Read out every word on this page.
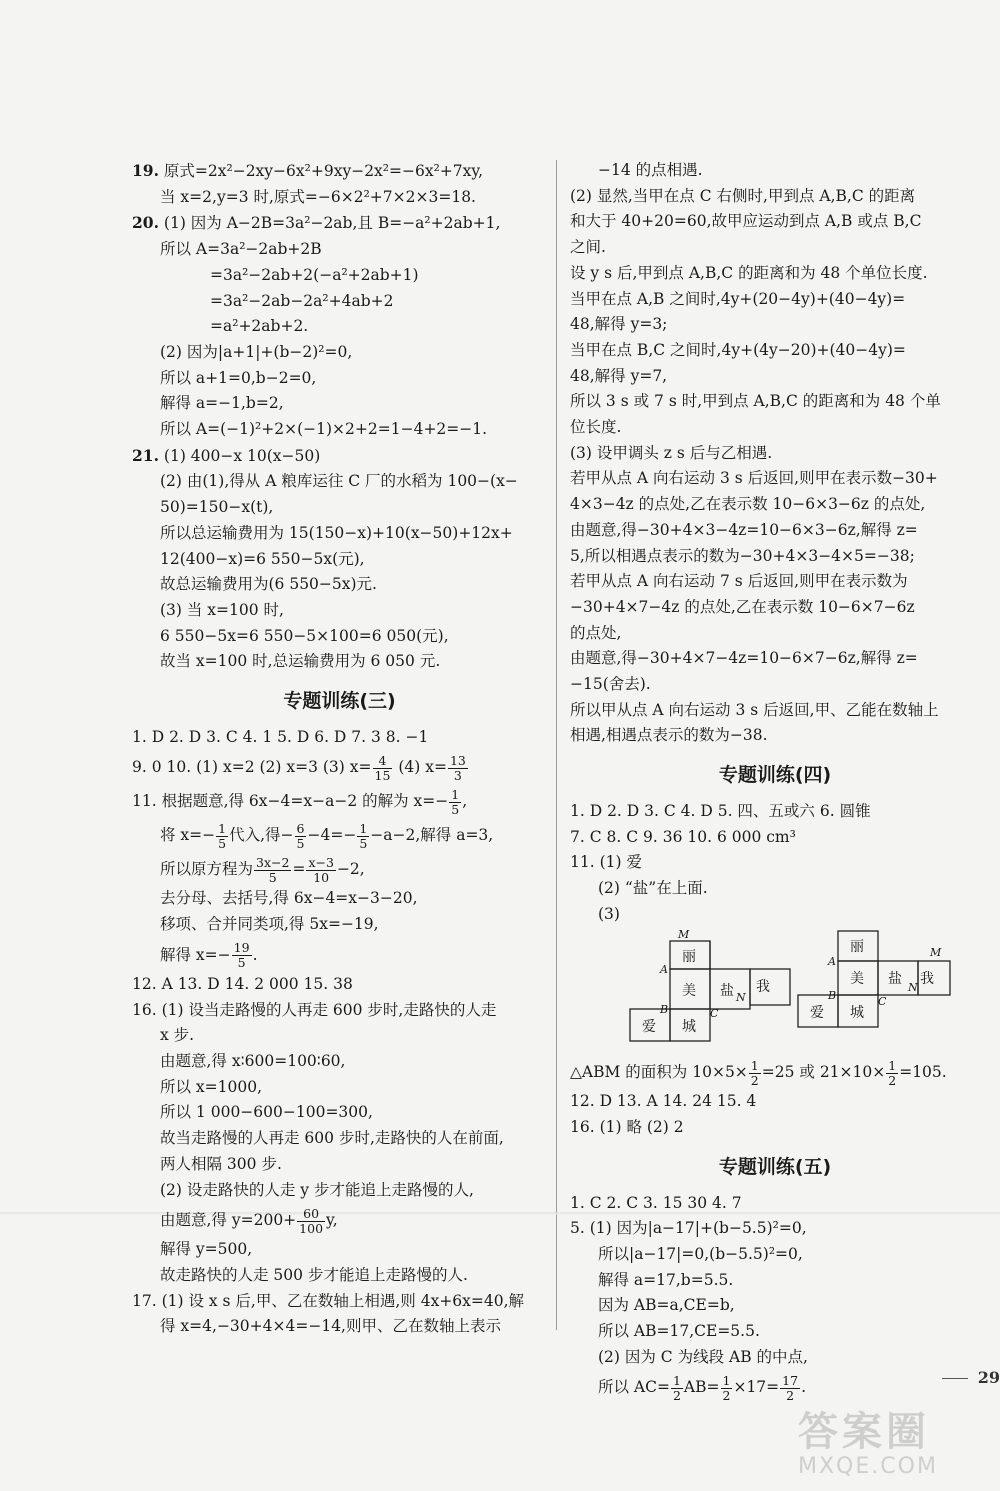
19. 原式=2x²−2xy−6x²+9xy−2x²=−6x²+7xy,
当 x=2,y=3 时,原式=−6×2²+7×2×3=18.
20. (1) 因为 A−2B=3a²−2ab,且 B=−a²+2ab+1,
所以 A=3a²−2ab+2B
=3a²−2ab+2(−a²+2ab+1)
=3a²−2ab−2a²+4ab+2
=a²+2ab+2.
(2) 因为|a+1|+(b−2)²=0,
所以 a+1=0,b−2=0,
解得 a=−1,b=2,
所以 A=(−1)²+2×(−1)×2+2=1−4+2=−1.
21. (1) 400−x 10(x−50)
(2) 由(1),得从 A 粮库运往 C 厂的水稻为 100−(x−
50)=150−x(t),
所以总运输费用为 15(150−x)+10(x−50)+12x+
12(400−x)=6 550−5x(元),
故总运输费用为(6 550−5x)元.
(3) 当 x=100 时,
6 550−5x=6 550−5×100=6 050(元),
故当 x=100 时,总运输费用为 6 050 元.
专题训练(三)
1. D 2. D 3. C 4. 1 5. D 6. D 7. 3 8. −1
9. 0 10. (1) x=2 (2) x=3 (3) $x= \frac{4}{15} (4)$ $x= \frac{13}{3}$
11. 根据题意,得 6x−4=x−a−2 的解为 $x=- \frac{1}{5}$ ,
将 $x=- \frac{1}{5}$ 代入,得− $\frac{6}{5} -4=- \frac{1}{5} -a-2$,解得 a=3,
所以原方程为 $\frac{3x-2}{5} = \frac{x-3}{10} -2$,
去分母、去括号,得 6x−4=x−3−20,
移项、合并同类项,得 5x=−19,
解得 $x=- \frac{19}{5}$ .
12. A 13. D 14. 2 000 15. 38
16. (1) 设当走路慢的人再走 600 步时,走路快的人走
x 步.
由题意,得 x∶600=100∶60,
所以 x=1000,
所以 1 000−600−100=300,
故当走路慢的人再走 600 步时,走路快的人在前面,
两人相隔 300 步.
(2) 设走路快的人走 y 步才能追上走路慢的人,
由题意,得 $y=200+ \frac{60}{100} y$,
解得 y=500,
故走路快的人走 500 步才能追上走路慢的人.
17. (1) 设 x s 后,甲、乙在数轴上相遇,则 4x+6x=40,解
得 x=4,−30+4×4=−14,则甲、乙在数轴上表示
−14 的点相遇.
(2) 显然,当甲在点 C 右侧时,甲到点 A,B,C 的距离
和大于 40+20=60,故甲应运动到点 A,B 或点 B,C
之间.
设 y s 后,甲到点 A,B,C 的距离和为 48 个单位长度.
当甲在点 A,B 之间时,4y+(20−4y)+(40−4y)=
48,解得 y=3;
当甲在点 B,C 之间时,4y+(4y−20)+(40−4y)=
48,解得 y=7,
所以 3 s 或 7 s 时,甲到点 A,B,C 的距离和为 48 个单
位长度.
(3) 设甲调头 z s 后与乙相遇.
若甲从点 A 向右运动 3 s 后返回,则甲在表示数−30+
4×3−4z 的点处,乙在表示数 10−6×3−6z 的点处,
由题意,得−30+4×3−4z=10−6×3−6z,解得 z=
5,所以相遇点表示的数为−30+4×3−4×5=−38;
若甲从点 A 向右运动 7 s 后返回,则甲在表示数为
−30+4×7−4z 的点处,乙在表示数 10−6×7−6z
的点处,
由题意,得−30+4×7−4z=10−6×7−6z,解得 z=
−15(舍去).
所以甲从点 A 向右运动 3 s 后返回,甲、乙能在数轴上
相遇,相遇点表示的数为−38.
专题训练(四)
1. D 2. D 3. C 4. D 5. 四、五或六 6. 圆锥
7. C 8. C 9. 36 10. 6 000 cm³
11. (1) 爱
(2) “盐”在上面.
(3)
丽
美 盐 我
爱 城
M
A
B	C
N
丽
美 盐 我
爱 城
M
A
B	C
N
△ABM 的面积为 $10\times 5\times \frac{1}{2} =25$ 或 $21\times 10\times \frac{1}{2} =105$.
12. D 13. A 14. 24 15. 4
16. (1) 略 (2) 2
专题训练(五)
1. C 2. C 3. 15 30 4. 7
5. (1) 因为|a−17|+(b−5.5)²=0,
所以|a−17|=0,(b−5.5)²=0,
解得 a=17,b=5.5.
因为 AB=a,CE=b,
所以 AB=17,CE=5.5.
(2) 因为 C 为线段 AB 的中点,
所以 $AC= \frac{1}{2} AB= \frac{1}{2} \times 17= \frac{17}{2}$ .
29
答案圈
MXQE.COM
